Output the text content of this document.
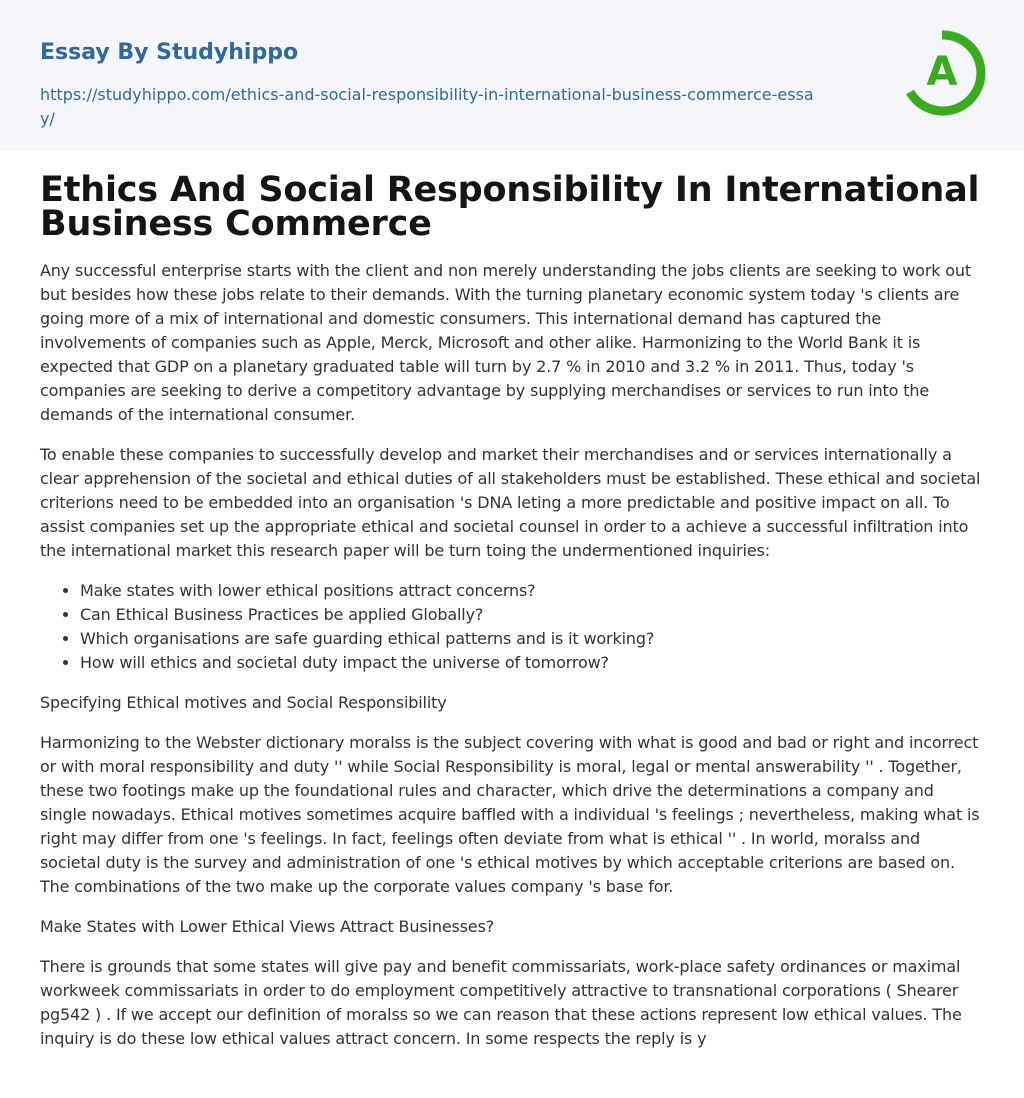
Essay By Studyhippo
https://studyhippo.com/ethics-and-social-responsibility-in-international-business-commerce-essay/
A
Ethics And Social Responsibility In International Business Commerce

Any successful enterprise starts with the client and non merely understanding the jobs clients are seeking to work out but besides how these jobs relate to their demands. With the turning planetary economic system today 's clients are going more of a mix of international and domestic consumers. This international demand has captured the involvements of companies such as Apple, Merck, Microsoft and other alike. Harmonizing to the World Bank it is expected that GDP on a planetary graduated table will turn by 2.7 % in 2010 and 3.2 % in 2011. Thus, today 's companies are seeking to derive a competitory advantage by supplying merchandises or services to run into the demands of the international consumer.

To enable these companies to successfully develop and market their merchandises and or services internationally a clear apprehension of the societal and ethical duties of all stakeholders must be established. These ethical and societal criterions need to be embedded into an organisation 's DNA leting a more predictable and positive impact on all. To assist companies set up the appropriate ethical and societal counsel in order to a achieve a successful infiltration into the international market this research paper will be turn toing the undermentioned inquiries:

• Make states with lower ethical positions attract concerns?
• Can Ethical Business Practices be applied Globally?
• Which organisations are safe guarding ethical patterns and is it working?
• How will ethics and societal duty impact the universe of tomorrow?

Specifying Ethical motives and Social Responsibility

Harmonizing to the Webster dictionary moralss is the subject covering with what is good and bad or right and incorrect or with moral responsibility and duty '' while Social Responsibility is moral, legal or mental answerability '' . Together, these two footings make up the foundational rules and character, which drive the determinations a company and single nowadays. Ethical motives sometimes acquire baffled with a individual 's feelings ; nevertheless, making what is right may differ from one 's feelings. In fact, feelings often deviate from what is ethical '' . In world, moralss and societal duty is the survey and administration of one 's ethical motives by which acceptable criterions are based on. The combinations of the two make up the corporate values company 's base for.

Make States with Lower Ethical Views Attract Businesses?

There is grounds that some states will give pay and benefit commissariats, work-place safety ordinances or maximal workweek commissariats in order to do employment competitively attractive to transnational corporations ( Shearer pg542 ) . If we accept our definition of moralss so we can reason that these actions represent low ethical values. The inquiry is do these low ethical values attract concern. In some respects the reply is y
